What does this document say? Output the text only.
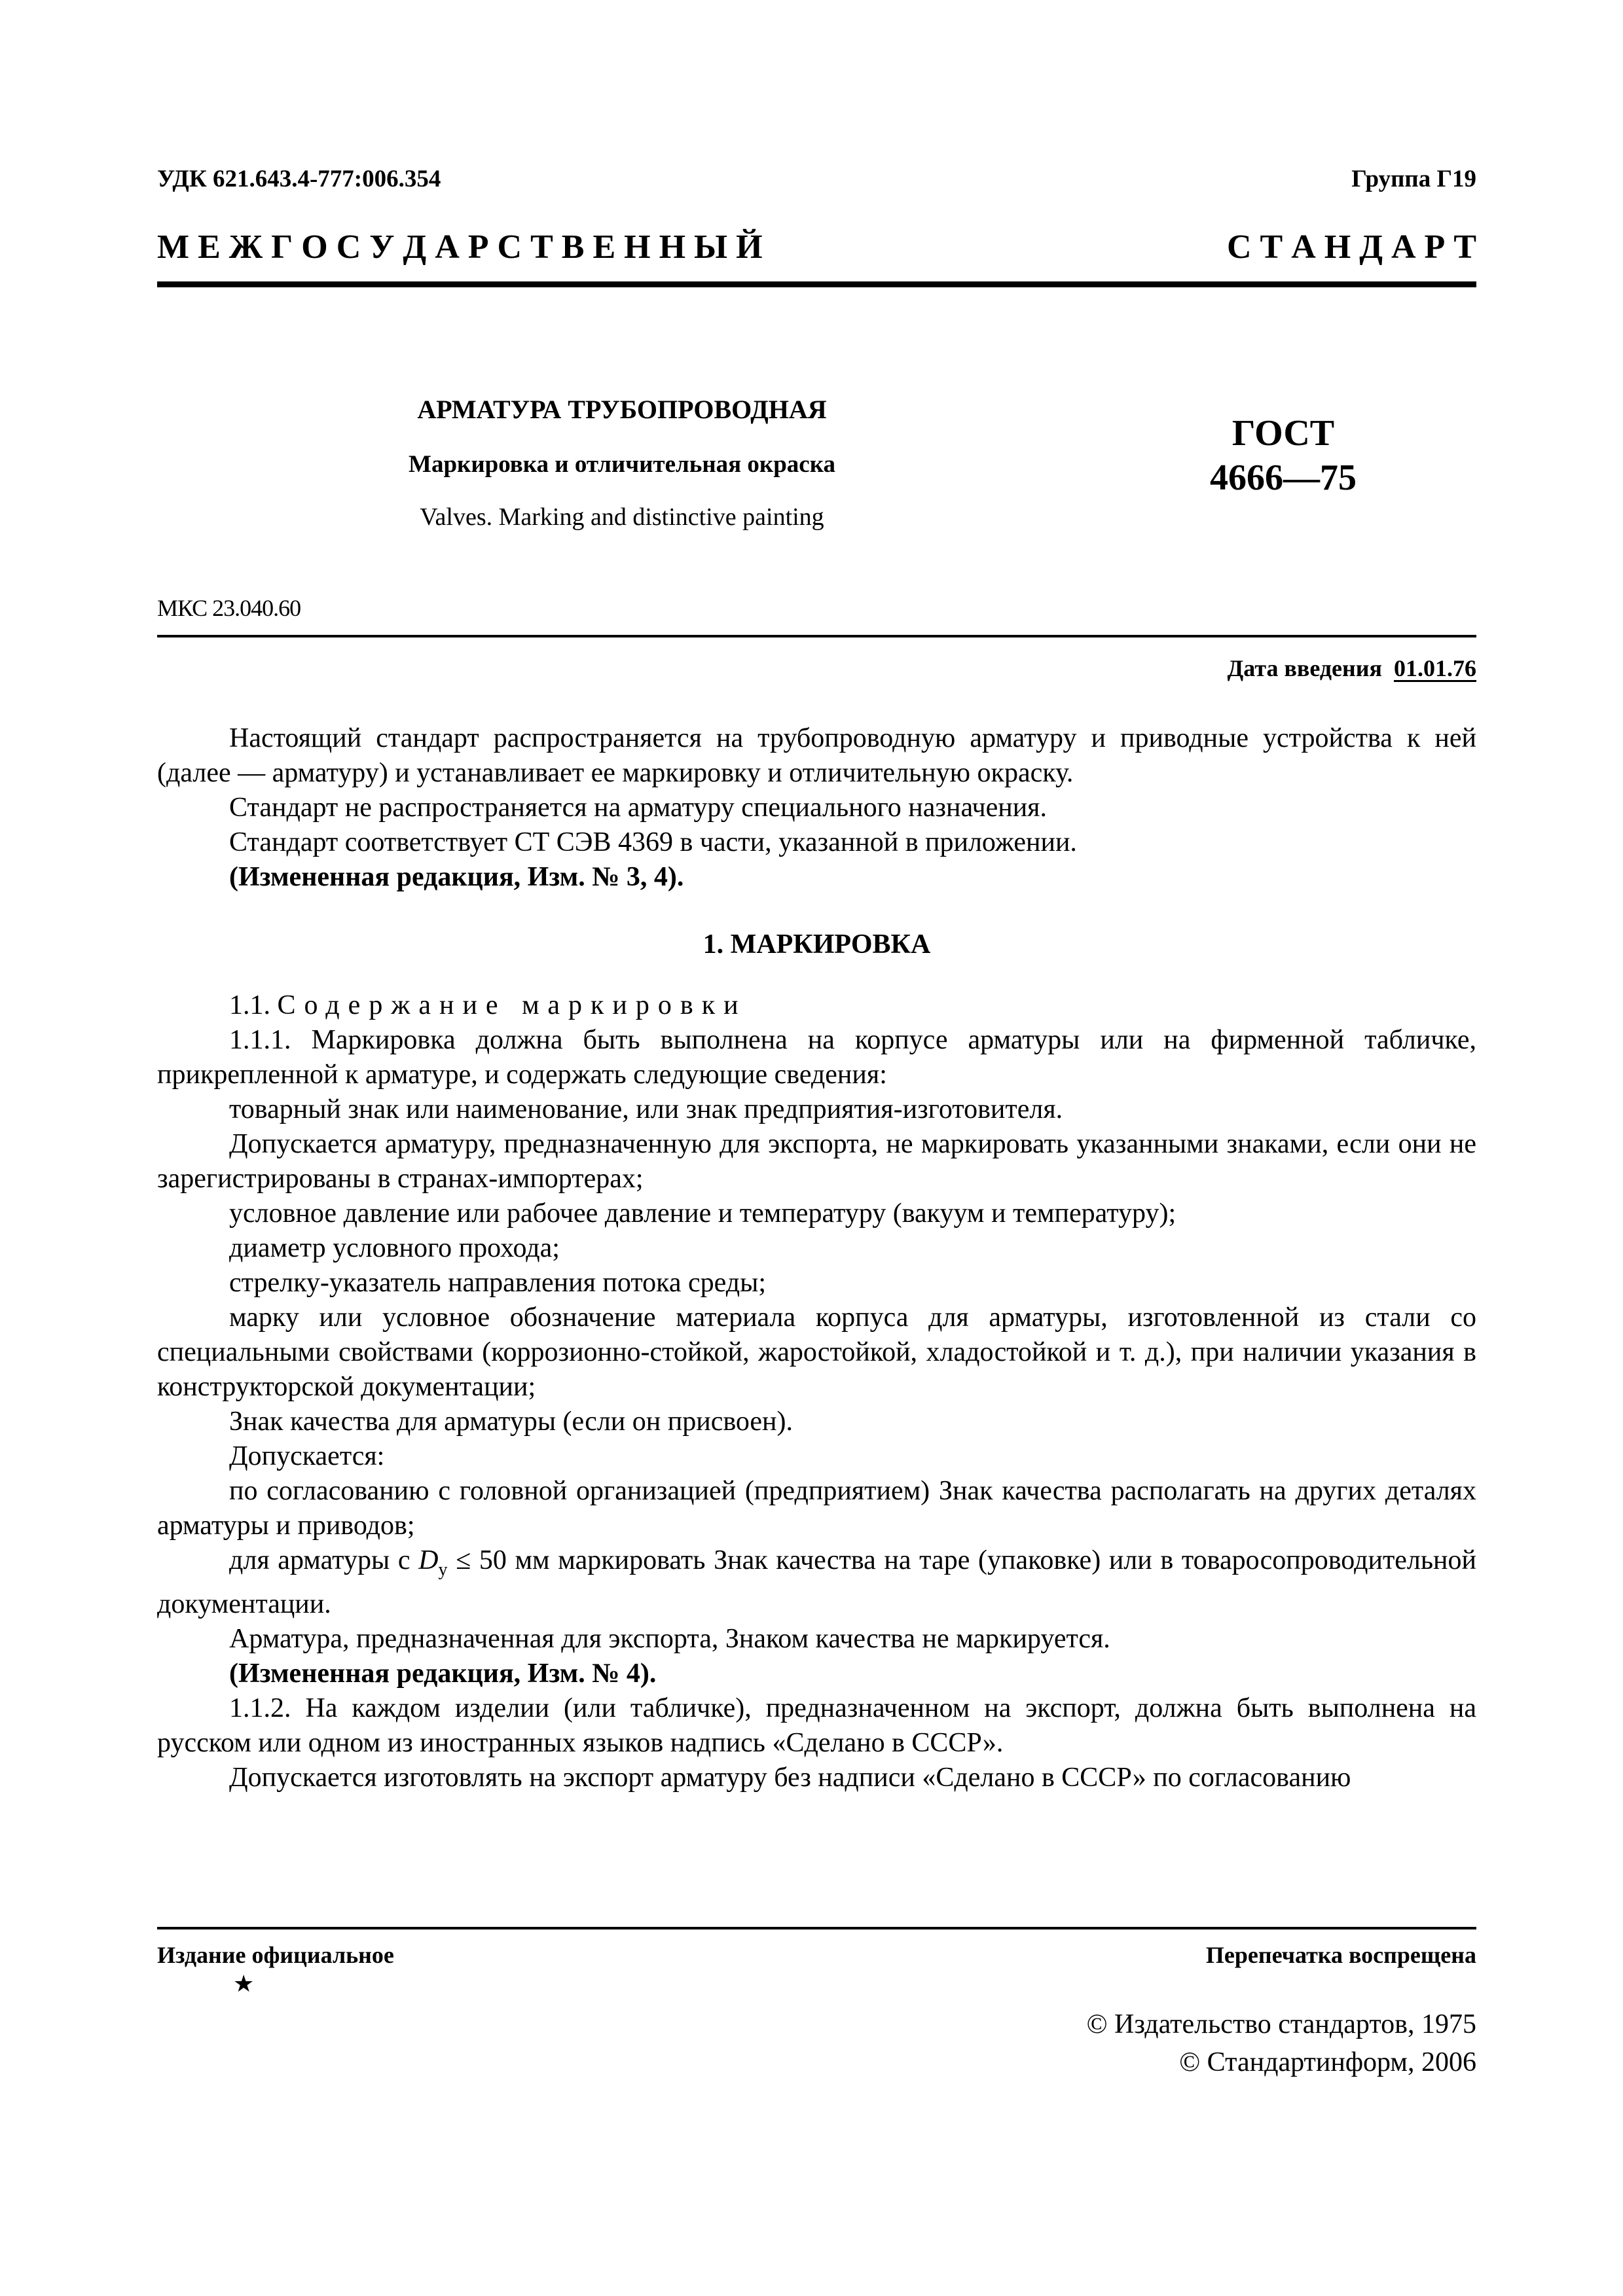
УДК 621.643.4-777:006.354	Группа Г19
М Е Ж Г О С У Д А Р С Т В Е Н Н Ы Й	С Т А Н Д А Р Т
АРМАТУРА ТРУБОПРОВОДНАЯ
Маркировка и отличительная окраска
Valves. Marking and distinctive painting
ГОСТ
4666—75
МКС 23.040.60
Дата введения 01.01.76

Настоящий стандарт распространяется на трубопроводную арматуру и приводные устройства к ней (далее — арматуру) и устанавливает ее маркировку и отличительную окраску.

Стандарт не распространяется на арматуру специального назначения.

Стандарт соответствует СТ СЭВ 4369 в части, указанной в приложении.

(Измененная редакция, Изм. № 3, 4).

1. МАРКИРОВКА

1.1. Содержание маркировки

1.1.1. Маркировка должна быть выполнена на корпусе арматуры или на фирменной табличке, прикрепленной к арматуре, и содержать следующие сведения:

товарный знак или наименование, или знак предприятия-изготовителя.

Допускается арматуру, предназначенную для экспорта, не маркировать указанными знаками, если они не зарегистрированы в странах-импортерах;

условное давление или рабочее давление и температуру (вакуум и температуру);

диаметр условного прохода;

стрелку-указатель направления потока среды;

марку или условное обозначение материала корпуса для арматуры, изготовленной из стали со специальными свойствами (коррозионно-стойкой, жаростойкой, хладостойкой и т. д.), при наличии указания в конструкторской документации;

Знак качества для арматуры (если он присвоен).

Допускается:

по согласованию с головной организацией (предприятием) Знак качества располагать на других деталях арматуры и приводов;

для арматуры с $D_y \le 50$ мм маркировать Знак качества на таре (упаковке) или в товаросопроводительной документации.

Арматура, предназначенная для экспорта, Знаком качества не маркируется.

(Измененная редакция, Изм. № 4).

1.1.2. На каждом изделии (или табличке), предназначенном на экспорт, должна быть выполнена на русском или одном из иностранных языков надпись «Сделано в СССР».

Допускается изготовлять на экспорт арматуру без надписи «Сделано в СССР» по согласованию

Издание официальное	Перепечатка воспрещена
★
© Издательство стандартов, 1975
© Стандартинформ, 2006
